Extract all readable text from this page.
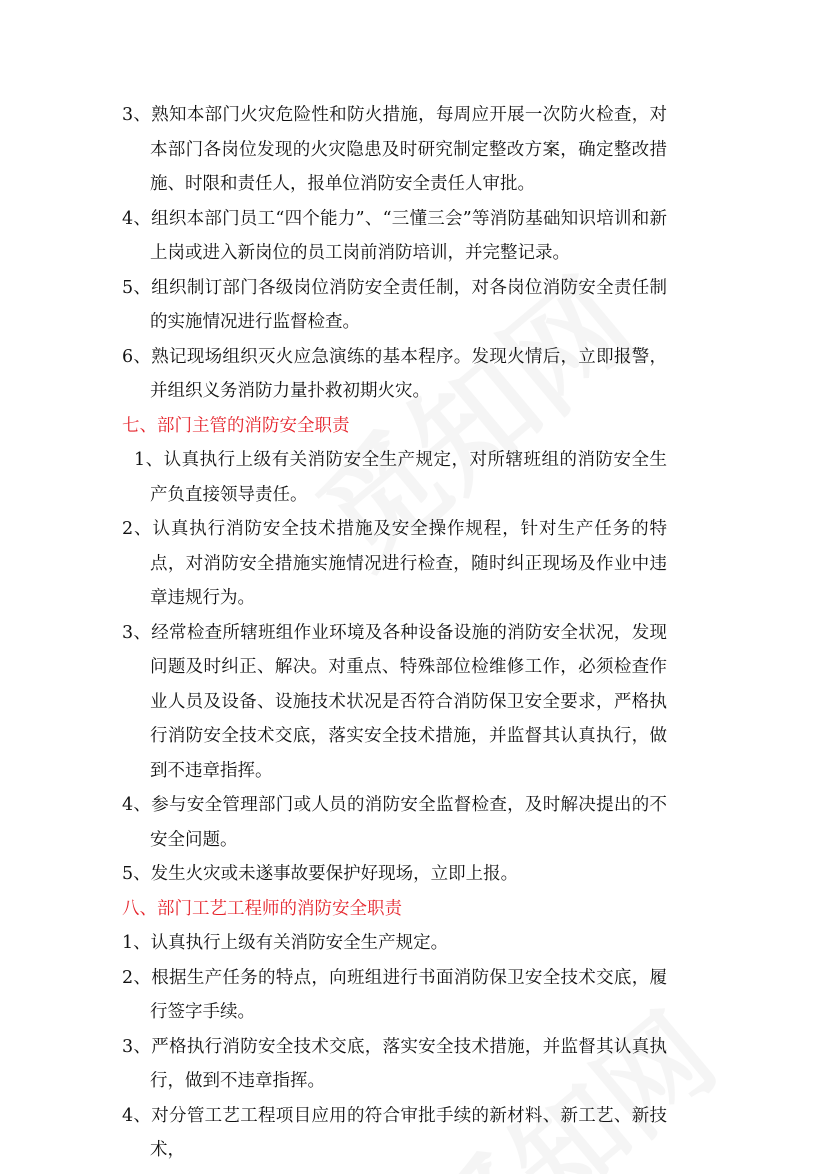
3、熟知本部门火灾危险性和防火措施，每周应开展一次防火检查，对本部门各岗位发现的火灾隐患及时研究制定整改方案，确定整改措施、时限和责任人，报单位消防安全责任人审批。

4、组织本部门员工“四个能力”、“三懂三会”等消防基础知识培训和新上岗或进入新岗位的员工岗前消防培训，并完整记录。

5、组织制订部门各级岗位消防安全责任制，对各岗位消防安全责任制的实施情况进行监督检查。

6、熟记现场组织灭火应急演练的基本程序。发现火情后，立即报警，并组织义务消防力量扑救初期火灾。

七、部门主管的消防安全职责

1、认真执行上级有关消防安全生产规定，对所辖班组的消防安全生产负直接领导责任。

2、认真执行消防安全技术措施及安全操作规程，针对生产任务的特点，对消防安全措施实施情况进行检查，随时纠正现场及作业中违章违规行为。

3、经常检查所辖班组作业环境及各种设备设施的消防安全状况，发现问题及时纠正、解决。对重点、特殊部位检维修工作，必须检查作业人员及设备、设施技术状况是否符合消防保卫安全要求，严格执行消防安全技术交底，落实安全技术措施，并监督其认真执行，做到不违章指挥。

4、参与安全管理部门或人员的消防安全监督检查，及时解决提出的不安全问题。

5、发生火灾或未遂事故要保护好现场，立即上报。

八、部门工艺工程师的消防安全职责

1、认真执行上级有关消防安全生产规定。

2、根据生产任务的特点，向班组进行书面消防保卫安全技术交底，履行签字手续。

3、严格执行消防安全技术交底，落实安全技术措施，并监督其认真执行，做到不违章指挥。

4、对分管工艺工程项目应用的符合审批手续的新材料、新工艺、新技术，
